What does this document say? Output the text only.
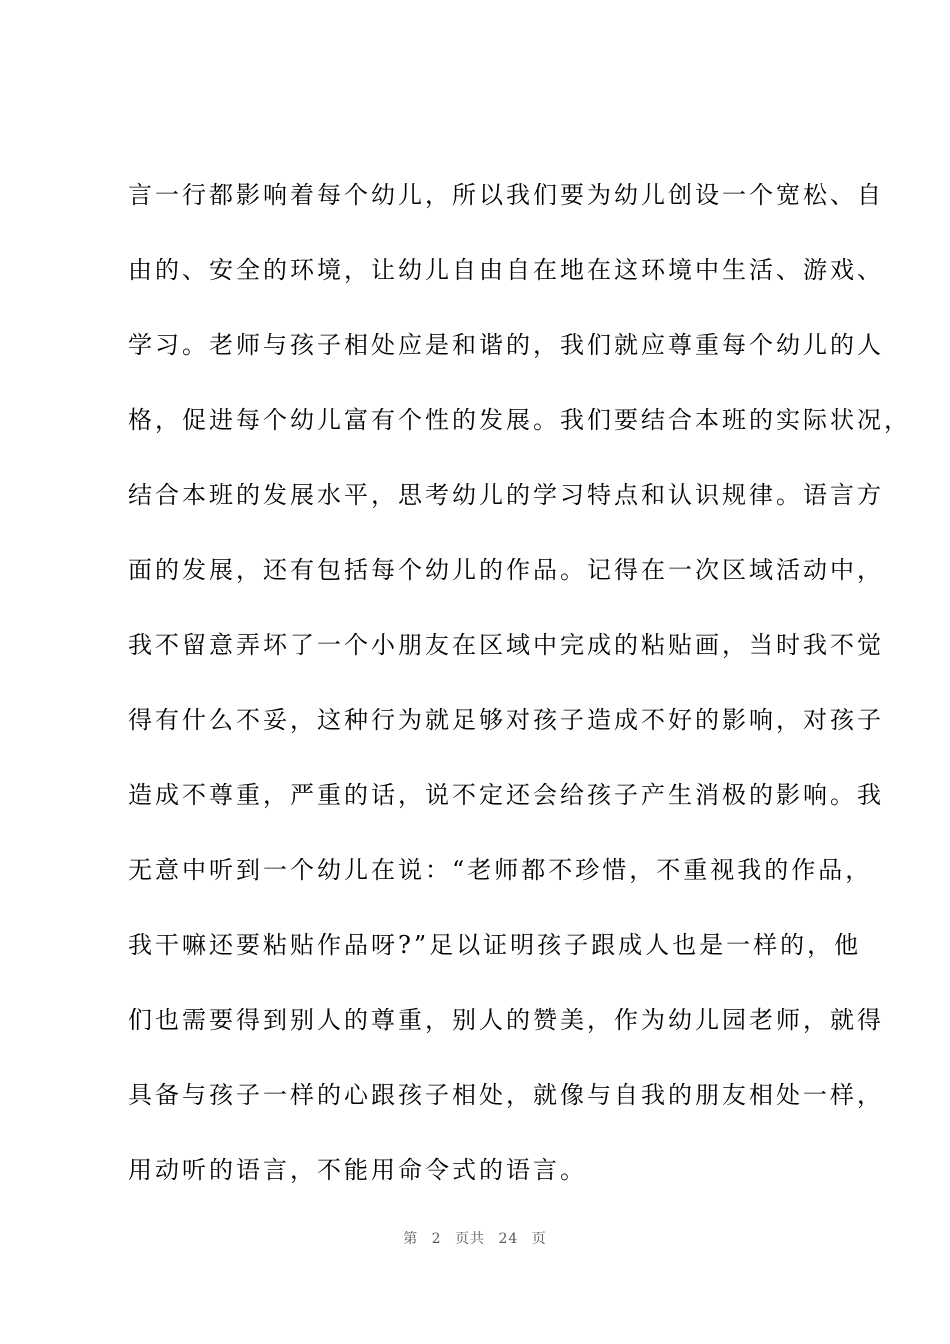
言一行都影响着每个幼儿，所以我们要为幼儿创设一个宽松、自
由的、安全的环境，让幼儿自由自在地在这环境中生活、游戏、
学习。老师与孩子相处应是和谐的，我们就应尊重每个幼儿的人
格，促进每个幼儿富有个性的发展。我们要结合本班的实际状况，
结合本班的发展水平，思考幼儿的学习特点和认识规律。语言方
面的发展，还有包括每个幼儿的作品。记得在一次区域活动中，
我不留意弄坏了一个小朋友在区域中完成的粘贴画，当时我不觉
得有什么不妥，这种行为就足够对孩子造成不好的影响，对孩子
造成不尊重，严重的话，说不定还会给孩子产生消极的影响。我
无意中听到一个幼儿在说：“老师都不珍惜，不重视我的作品，
我干嘛还要粘贴作品呀?”足以证明孩子跟成人也是一样的，他
们也需要得到别人的尊重，别人的赞美，作为幼儿园老师，就得
具备与孩子一样的心跟孩子相处，就像与自我的朋友相处一样，
用动听的语言，不能用命令式的语言。
第 2 页共 24 页
